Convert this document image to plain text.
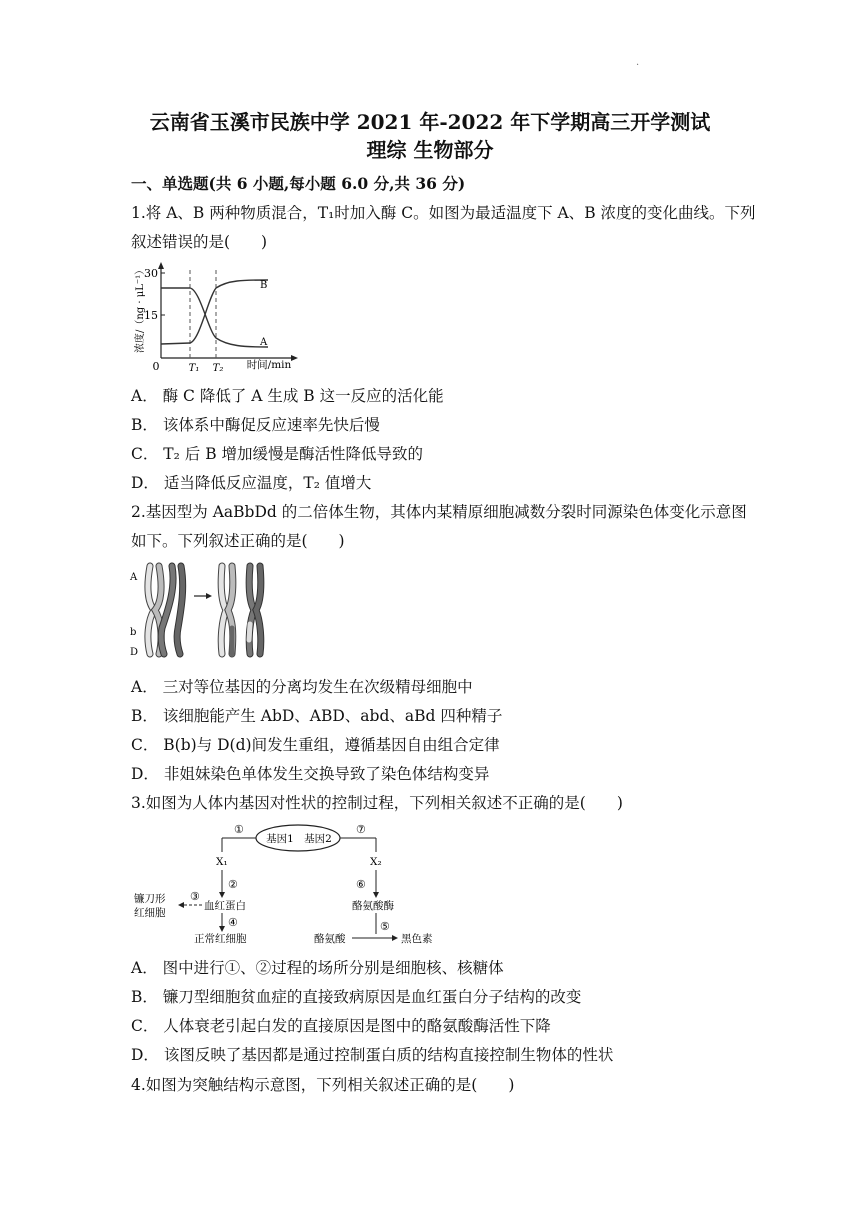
·
云南省玉溪市民族中学 2021 年-2022 年下学期高三开学测试
理综 生物部分
一、单选题(共 6 小题,每小题 6.0 分,共 36 分)
1.将 A、B 两种物质混合，T₁时加入酶 C。如图为最适温度下 A、B 浓度的变化曲线。下列
叙述错误的是(　　)
30
15
0	T₁ T₂ 时间/min
B
A
浓度/（ng · μL⁻¹）
A． 酶 C 降低了 A 生成 B 这一反应的活化能
B． 该体系中酶促反应速率先快后慢
C． T₂ 后 B 增加缓慢是酶活性降低导致的
D． 适当降低反应温度，T₂ 值增大
2.基因型为 AaBbDd 的二倍体生物，其体内某精原细胞减数分裂时同源染色体变化示意图
如下。下列叙述正确的是(　　)
A
b
D
A． 三对等位基因的分离均发生在次级精母细胞中
B． 该细胞能产生 AbD、ABD、abd、aBd 四种精子
C． B(b)与 D(d)间发生重组，遵循基因自由组合定律
D． 非姐妹染色单体发生交换导致了染色体结构变异
3.如图为人体内基因对性状的控制过程，下列相关叙述不正确的是(　　)
基因1 基因2
①
X₁
②
血红蛋白
③
镰刀形
红细胞
④
正常红细胞
⑦
X₂
⑥
酪氨酸酶
酪氨酸
⑤
黑色素
A． 图中进行①、②过程的场所分别是细胞核、核糖体
B． 镰刀型细胞贫血症的直接致病原因是血红蛋白分子结构的改变
C． 人体衰老引起白发的直接原因是图中的酪氨酸酶活性下降
D． 该图反映了基因都是通过控制蛋白质的结构直接控制生物体的性状
4.如图为突触结构示意图，下列相关叙述正确的是(　　)
